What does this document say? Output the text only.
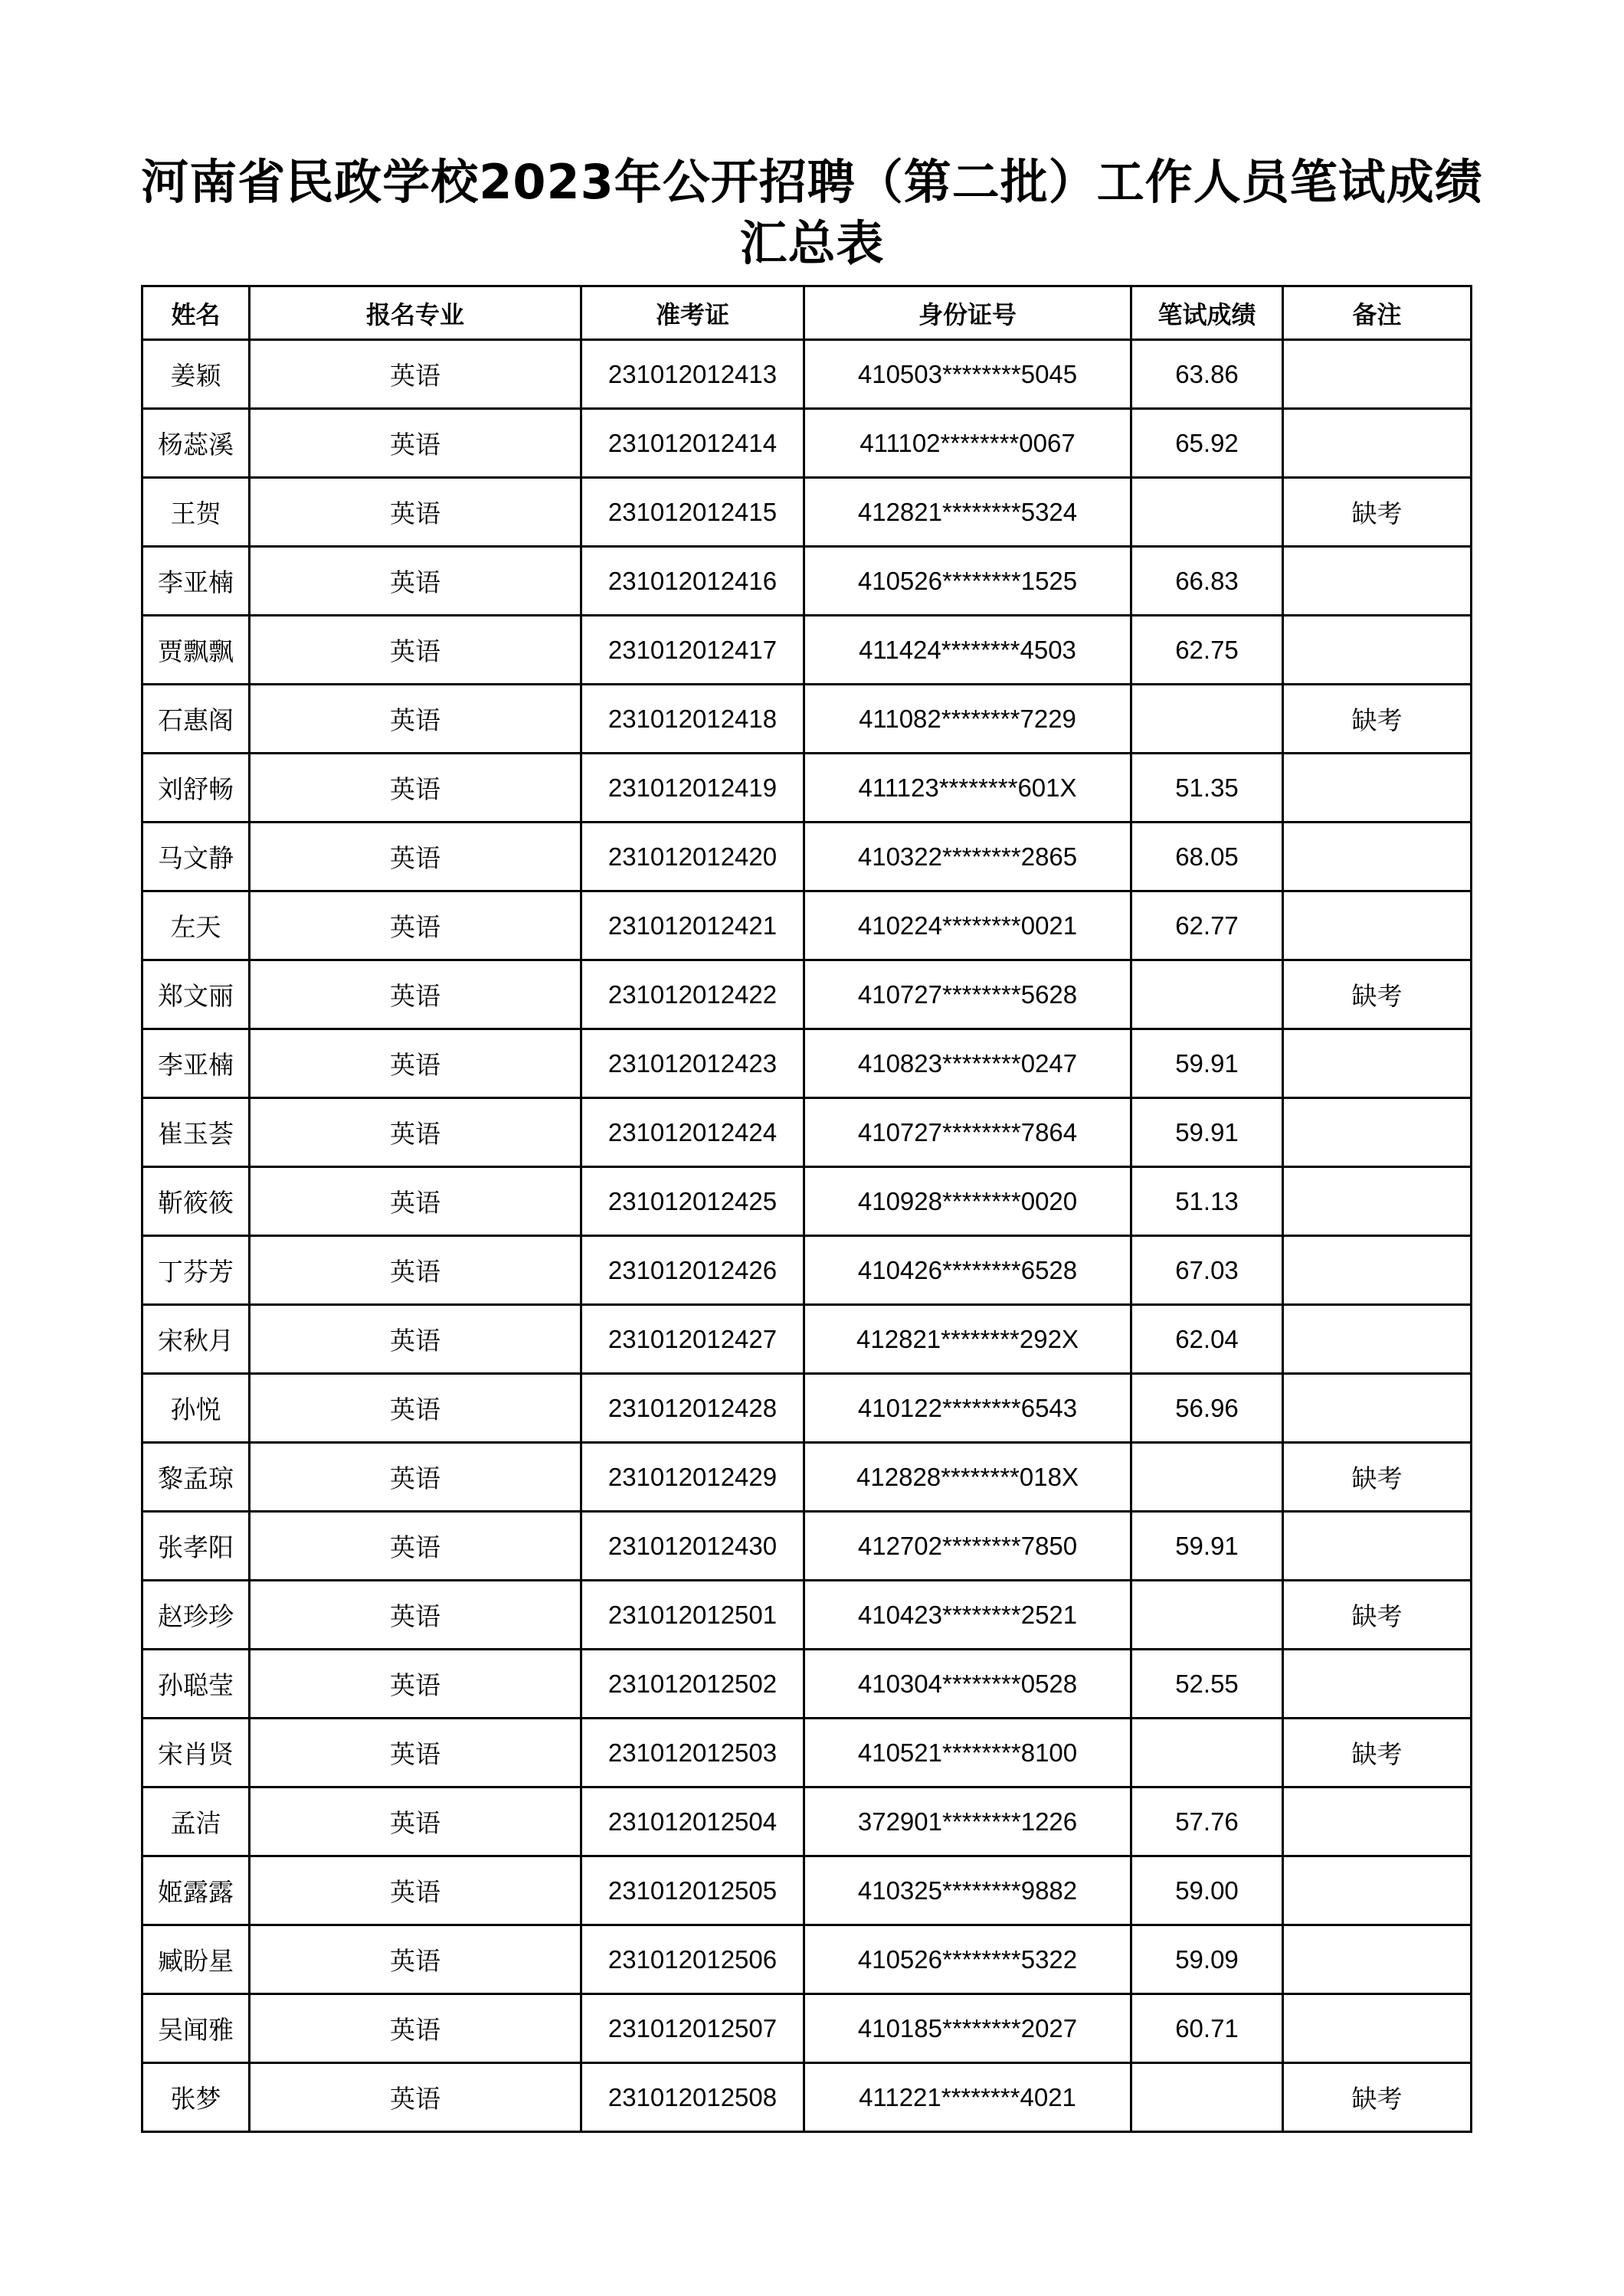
河南省民政学校2023年公开招聘（第二批）工作人员笔试成绩
汇总表
姓名	报名专业	准考证	身份证号	笔试成绩	备注
姜颖	英语	231012012413	410503********5045	63.86	
杨蕊溪	英语	231012012414	411102********0067	65.92	
王贺	英语	231012012415	412821********5324		缺考
李亚楠	英语	231012012416	410526********1525	66.83	
贾飘飘	英语	231012012417	411424********4503	62.75	
石惠阁	英语	231012012418	411082********7229		缺考
刘舒畅	英语	231012012419	411123********601X	51.35	
马文静	英语	231012012420	410322********2865	68.05	
左天	英语	231012012421	410224********0021	62.77	
郑文丽	英语	231012012422	410727********5628		缺考
李亚楠	英语	231012012423	410823********0247	59.91	
崔玉荟	英语	231012012424	410727********7864	59.91	
靳筱筱	英语	231012012425	410928********0020	51.13	
丁芬芳	英语	231012012426	410426********6528	67.03	
宋秋月	英语	231012012427	412821********292X	62.04	
孙悦	英语	231012012428	410122********6543	56.96	
黎孟琼	英语	231012012429	412828********018X		缺考
张孝阳	英语	231012012430	412702********7850	59.91	
赵珍珍	英语	231012012501	410423********2521		缺考
孙聪莹	英语	231012012502	410304********0528	52.55	
宋肖贤	英语	231012012503	410521********8100		缺考
孟洁	英语	231012012504	372901********1226	57.76	
姬露露	英语	231012012505	410325********9882	59.00	
臧盼星	英语	231012012506	410526********5322	59.09	
吴闻雅	英语	231012012507	410185********2027	60.71	
张梦	英语	231012012508	411221********4021		缺考
